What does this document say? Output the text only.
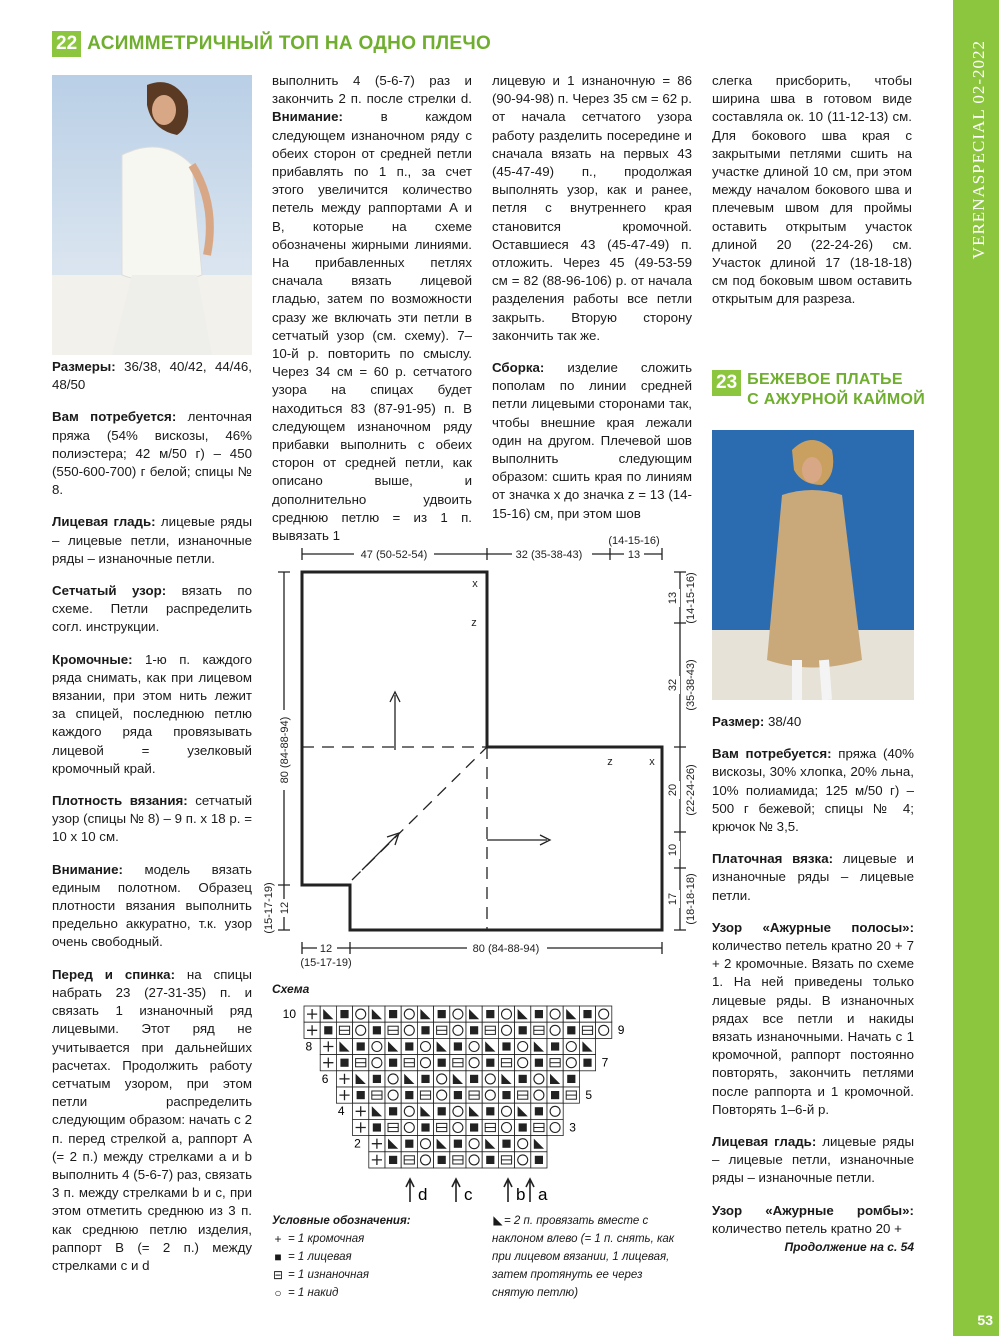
VERENASPECIAL 02-2022
53
22 АСИММЕТРИЧНЫЙ ТОП НА ОДНО ПЛЕЧО

Размеры: 36/38, 40/42, 44/46, 48/50

Вам потребуется: ленточная пряжа (54% вискозы, 46% полиэстера; 42 м/50 г) – 450 (550-600-700) г белой; спицы № 8.

Лицевая гладь: лицевые ряды – лицевые петли, изнаночные ряды – изнаночные петли.

Сетчатый узор: вязать по схеме. Петли распределить согл. инструкции.

Кромочные: 1-ю п. каждого ряда снимать, как при лицевом вязании, при этом нить лежит за спицей, последнюю петлю каждого ряда провязывать лицевой = узелковый кромочный край.

Плотность вязания: сетчатый узор (спицы № 8) – 9 п. х 18 р. = 10 х 10 см.

Внимание: модель вязать единым полотном. Образец плотности вязания выполнить предельно аккуратно, т.к. узор очень свободный.

Перед и спинка: на спицы набрать 23 (27-31-35) п. и связать 1 изнаночный ряд лицевыми. Этот ряд не учитывается при дальнейших расчетах. Продолжить работу сетчатым узором, при этом петли распределить следующим образом: начать с 2 п. перед стрелкой a, раппорт A (= 2 п.) между стрелками a и b выполнить 4 (5-6-7) раз, связать 3 п. между стрелками b и c, при этом отметить среднюю из 3 п. как среднюю петлю изделия, раппорт B (= 2 п.) между стрелками c и d

выполнить 4 (5-6-7) раз и закончить 2 п. после стрелки d. Внимание: в каждом следующем изнаночном ряду с обеих сторон от средней петли прибавлять по 1 п., за счет этого увеличится количество петель между раппортами A и B, которые на схеме обозначены жирными линиями. На прибавленных петлях сначала вязать лицевой гладью, затем по возможности сразу же включать эти петли в сетчатый узор (см. схему). 7–10-й р. повторить по смыслу. Через 34 см = 60 р. сетчатого узора на спицах будет находиться 83 (87-91-95) п. В следующем изнаночном ряду прибавки выполнить с обеих сторон от средней петли, как описано выше, и дополнительно удвоить среднюю петлю = из 1 п. вывязать 1

лицевую и 1 изнаночную = 86 (90-94-98) п. Через 35 см = 62 р. от начала сетчатого узора работу разделить посередине и сначала вязать на первых 43 (45-47-49) п., продолжая выполнять узор, как и ранее, петля с внутреннего края становится кромочной. Оставшиеся 43 (45-47-49) п. отложить. Через 45 (49-53-59 см = 82 (88-96-106) р. от начала разделения работы все петли закрыть. Вторую сторону закончить так же.

Сборка: изделие сложить пополам по линии средней петли лицевыми сторонами так, чтобы внешние края лежали один на другом. Плечевой шов выполнить следующим образом: сшить края по линиям от значка x до значка z = 13 (14-15-16) см, при этом шов

слегка присборить, чтобы ширина шва в готовом виде составляла ок. 10 (11-12-13) см. Для бокового шва края с закрытыми петлями сшить на участке длиной 10 см, при этом между началом бокового шва и плечевым швом для проймы оставить открытым участок длиной 20 (22-24-26) см. Участок длиной 17 (18-18-18) см под боковым швом оставить открытым для разреза.

23 БЕЖЕВОЕ ПЛАТЬЕ
С АЖУРНОЙ КАЙМОЙ

Размер: 38/40

Вам потребуется: пряжа (40% вискозы, 30% хлопка, 20% льна, 10% полиамида; 125 м/50 г) – 500 г бежевой; спицы № 4; крючок № 3,5.

Платочная вязка: лицевые и изнаночные ряды – лицевые петли.

Узор «Ажурные полосы»: количество петель кратно 20 + 7 + 2 кромочные. Вязать по схеме 1. На ней приведены только лицевые ряды. В изнаночных рядах все петли и накиды вязать изнаночными. Начать с 1 кромочной, раппорт постоянно повторять, закончить петлями после раппорта и 1 кромочной. Повторять 1–6-й р.

Лицевая гладь: лицевые ряды – лицевые петли, изнаночные ряды – изнаночные петли.

Узор «Ажурные ромбы»: количество петель кратно 20 +

Продолжение на с. 54
47 (50-52-54)	32 (35-38-43)
(14-15-16)
13
12
(15-17-19)
80 (84-88-94)
x
z
z	x
80 (84-88-94)
12
(15-17-19)
13 (14-15-16)
32 (35-38-43)
20 (22-24-26)
10
17 (18-18-18)
Схема
10
8
6
4
2
9
7
5
3
d c	b a
Условные обозначения:
+ = 1 кромочная
■ = 1 лицевая
⊟ = 1 изнаночная
○ = 1 накид
◣= 2 п. провязать вместе с наклоном влево (= 1 п. снять, как
при лицевом вязании, 1 лицевая, затем протянуть ее через
снятую петлю)
